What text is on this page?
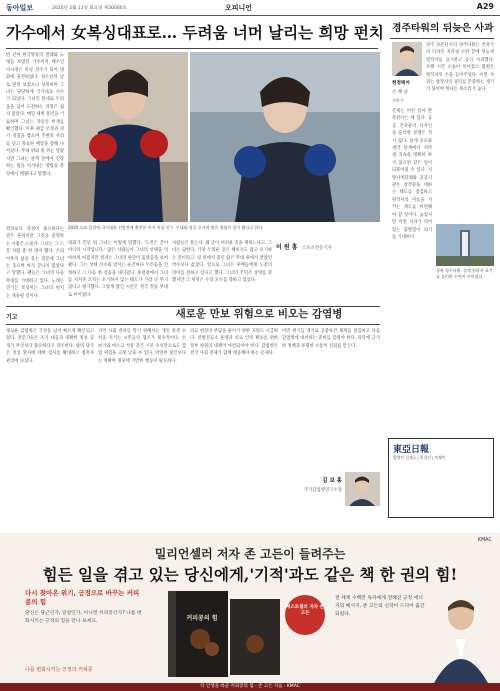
동아일보	2020년 2월 11일 화요일 제30000호	오피니언	A29
가수에서 女복싱대표로… 두려움 너머 날리는 희망 펀치
반 년여 한국방송의 발레와 노래를 보였던 가수이자 배우인 이시영은 복싱 선수가 되어 대회에 출전하였다. 청소년의 날로 탈진 보였으나 성취하며 그녀는 당당하게 국가대표 선수가 되었다. 그녀의 말대로 두려움을 넘어 도전하는 과정은 쉽지 않았다. 매일 새벽 훈련을 거듭하며 그녀는 자신의 한계를 확인했다. 이후 체급 조정과 경기 경험을 쌓으며 주변의 우려를 딛고 목표한 메달을 향해 나아갔다. 무대 위와 링 위는 달랐지만 그녀는 관객 앞에서 긴장하는 법을 이겨내는 방법을 복싱에서 배웠다고 말했다.
2020 도쿄 올림픽 국가대표 선발전에 출전한 여자 복싱 선수. 무대와 링을 오가며 쌓은 경험이 힘이 됐다고 한다.
대회가 끝난 뒤 그녀는 이렇게 말했다. '도전은 끝이 아니라 시작입니다.' 많은 사람들이 그녀의 선택을 의아하게 여겼지만 결과는 그녀의 판단이 옳았음을 보여줬다. 그는 상대 선수와 맞서는 순간마다 두려움을 인정하고 그 다음 한 걸음을 내디뎠다. 훈련장에서 그녀를 지켜본 코치는 포기하지 않는 태도가 가장 큰 무기였다고 평가했다. 그렇게 쌓인 시간은 결국 결승 무대로 이어졌다.
사람들은 묻는다. 왜 굳이 어려운 길을 택하느냐고. 그녀는 답한다. 가장 두려운 것은 해보지도 않고 포기하는 것이라고. 링 위에서 흘린 땀은 무대 위에서 받았던 박수보다 값졌다. 앞으로 그녀는 후배들에게 도전의 의미를 전하고 싶다고 했다. 그녀의 주먹은 상대를 향했지만 그 희망은 우리 모두를 향하고 있었다.
결과보다 과정이 중요하다는 말은 흔하지만 그것을 증명하는 사람은 드물다. 그녀는 그 드문 사람 중 한 명이 됐다. 은퇴 이후의 삶을 묻는 질문에 그녀는 웃으며 아직 끝나지 않았다고 말했다. 팬들은 그녀의 다음 무대를 기대하고 있다. 노래든 연기든 복싱이든 그녀의 펀치는 계속될 것이다.
이 원 홍 스포츠전문기자
경주타워의 뒤늦은 사과
현정택씨
손 해 균
건축가
경주 보문단지의 경주타워는 건축가의 디자인 저작권 논란 끝에 뒤늦게 원작자를 표기하고 공식 사과했다. 오랜 시간 소송이 이어졌고 법원은 원작자의 손을 들어주었다. 이번 사과는 창작자의 권리를 존중하는 계기가 되어야 한다는 목소리가 높다.
문제는 이런 일이 반복된다는 데 있다. 공공 건축물의 디자인을 둘러싼 분쟁은 적지 않다. 설계 공모와 계약 단계에서 저작권 귀속을 명확히 하지 않으면 같은 일이 되풀이될 수 있다. 지방자치단체와 공공기관은 창작물을 대하는 태도를 점검하고 원작자의 이름을 지키는 제도를 마련해야 할 것이다. 늦었지만 이번 사과가 의미 있는 출발점이 되기를 기대한다.
경북 경주타워. 설계 원작자 표기를 둘러싼 논란이 이어졌다.
기고	새로운 만보 위험으로 비오는 감염병
새로운 감염병은 국경을 넘어 빠르게 확산되고 있다. 전문가들은 조기 대응과 정확한 정보 공개가 무엇보다 중요하다고 강조한다. 방역 당국은 의심 환자에 대한 검사를 확대하고 접촉자 관리에 나섰다.
지역 사회 전파를 막기 위해서는 개인 위생 수칙을 지키는 시민들의 협조가 필수적이다. 손 씻기와 마스크 착용 같은 기본 수칙만으로도 감염 위험을 크게 낮출 수 있다. 막연한 불안보다는 정확한 정보에 기반한 행동이 필요하다.
의료 현장의 부담을 줄이기 위한 지원도 시급하다. 선별진료소 운영과 의료 인력 확보를 위한 정부 차원의 대책이 마련되어야 한다. 감염병은 결국 사회 전체가 함께 대응해야 하는 문제다.
이번 위기를 계기로 공중보건 체계를 점검하고 다음 감염병에 대비하는 준비를 갖춰야 한다. 과학에 근거한 정책과 투명한 소통이 신뢰를 만든다.
김 보 홍
국가감염병연구소장
東亞日報
발행인 김재호 | 편집인 | 인쇄인
KMAC
밀리언셀러 저자 존 고든이 들려주는
힘든 일을 겪고 있는 당신에게,'기적'과도 같은 책 한 권의 힘!
다시 찾아온 위기, 긍정으로 바꾸는 커피콩의 힘
당신은 당근인가, 달걀인가, 아니면 커피콩인가? 나를 변화시키는 긍정의 힘을 만나 보세요.
나를 변화시키는 긍정의 커피콩
커피콩의 힘
베스트셀러 저자 존 고든
전 세계 수백만 독자에게 전해진 긍정 에너지의 메시지. 존 고든의 신작이 드디어 출간되었다.
더 인생을 바꾼 커피콩의 힘 · 존 고든 지음 · KMAC
